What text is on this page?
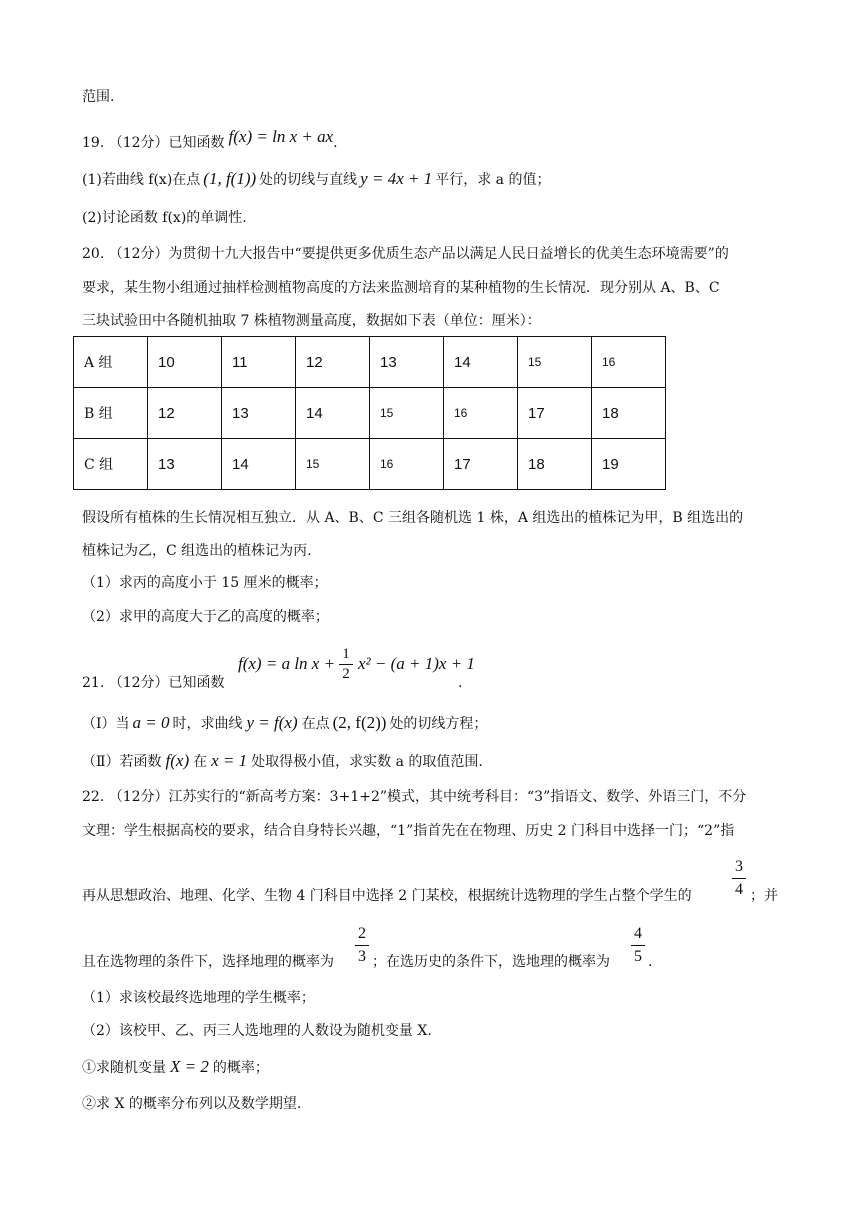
范围.
19. （12分）已知函数 f(x) = ln x + ax.
(1)若曲线 f(x)在点 (1, f(1)) 处的切线与直线 y = 4x + 1 平行，求 a 的值；
(2)讨论函数 f(x)的单调性.
20. （12分）为贯彻十九大报告中“要提供更多优质生态产品以满足人民日益增长的优美生态环境需要”的
要求，某生物小组通过抽样检测植物高度的方法来监测培育的某种植物的生长情况．现分别从 A、B、C
三块试验田中各随机抽取 7 株植物测量高度，数据如下表（单位：厘米）：
A 组	10	11	12	13	14	15	16
B 组	12	13	14	15	16	17	18
C 组	13	14	15	16	17	18	19
假设所有植株的生长情况相互独立．从 A、B、C 三组各随机选 1 株，A 组选出的植株记为甲，B 组选出的
植株记为乙，C 组选出的植株记为丙.
（1）求丙的高度小于 15 厘米的概率；
（2）求甲的高度大于乙的高度的概率；
21. （12分）已知函数
f(x) = a ln x + 1
2
x² − (a + 1)x + 1
.
（I）当 a = 0 时，求曲线 y = f(x) 在点 (2, f(2)) 处的切线方程；
（Ⅱ）若函数 f(x) 在 x = 1 处取得极小值，求实数 a 的取值范围.
22. （12分）江苏实行的“新高考方案：3+1+2”模式，其中统考科目：“3”指语文、数学、外语三门，不分
文理：学生根据高校的要求，结合自身特长兴趣，“1”指首先在在物理、历史 2 门科目中选择一门；“2”指
再从思想政治、地理、化学、生物 4 门科目中选择 2 门某校，根据统计选物理的学生占整个学生的
3
4 ；并
且在选物理的条件下，选择地理的概率为
2
3 ；在选历史的条件下，选地理的概率为
4
5 .
（1）求该校最终选地理的学生概率；
（2）该校甲、乙、丙三人选地理的人数设为随机变量 X.
①求随机变量 X = 2 的概率；
②求 X 的概率分布列以及数学期望.
